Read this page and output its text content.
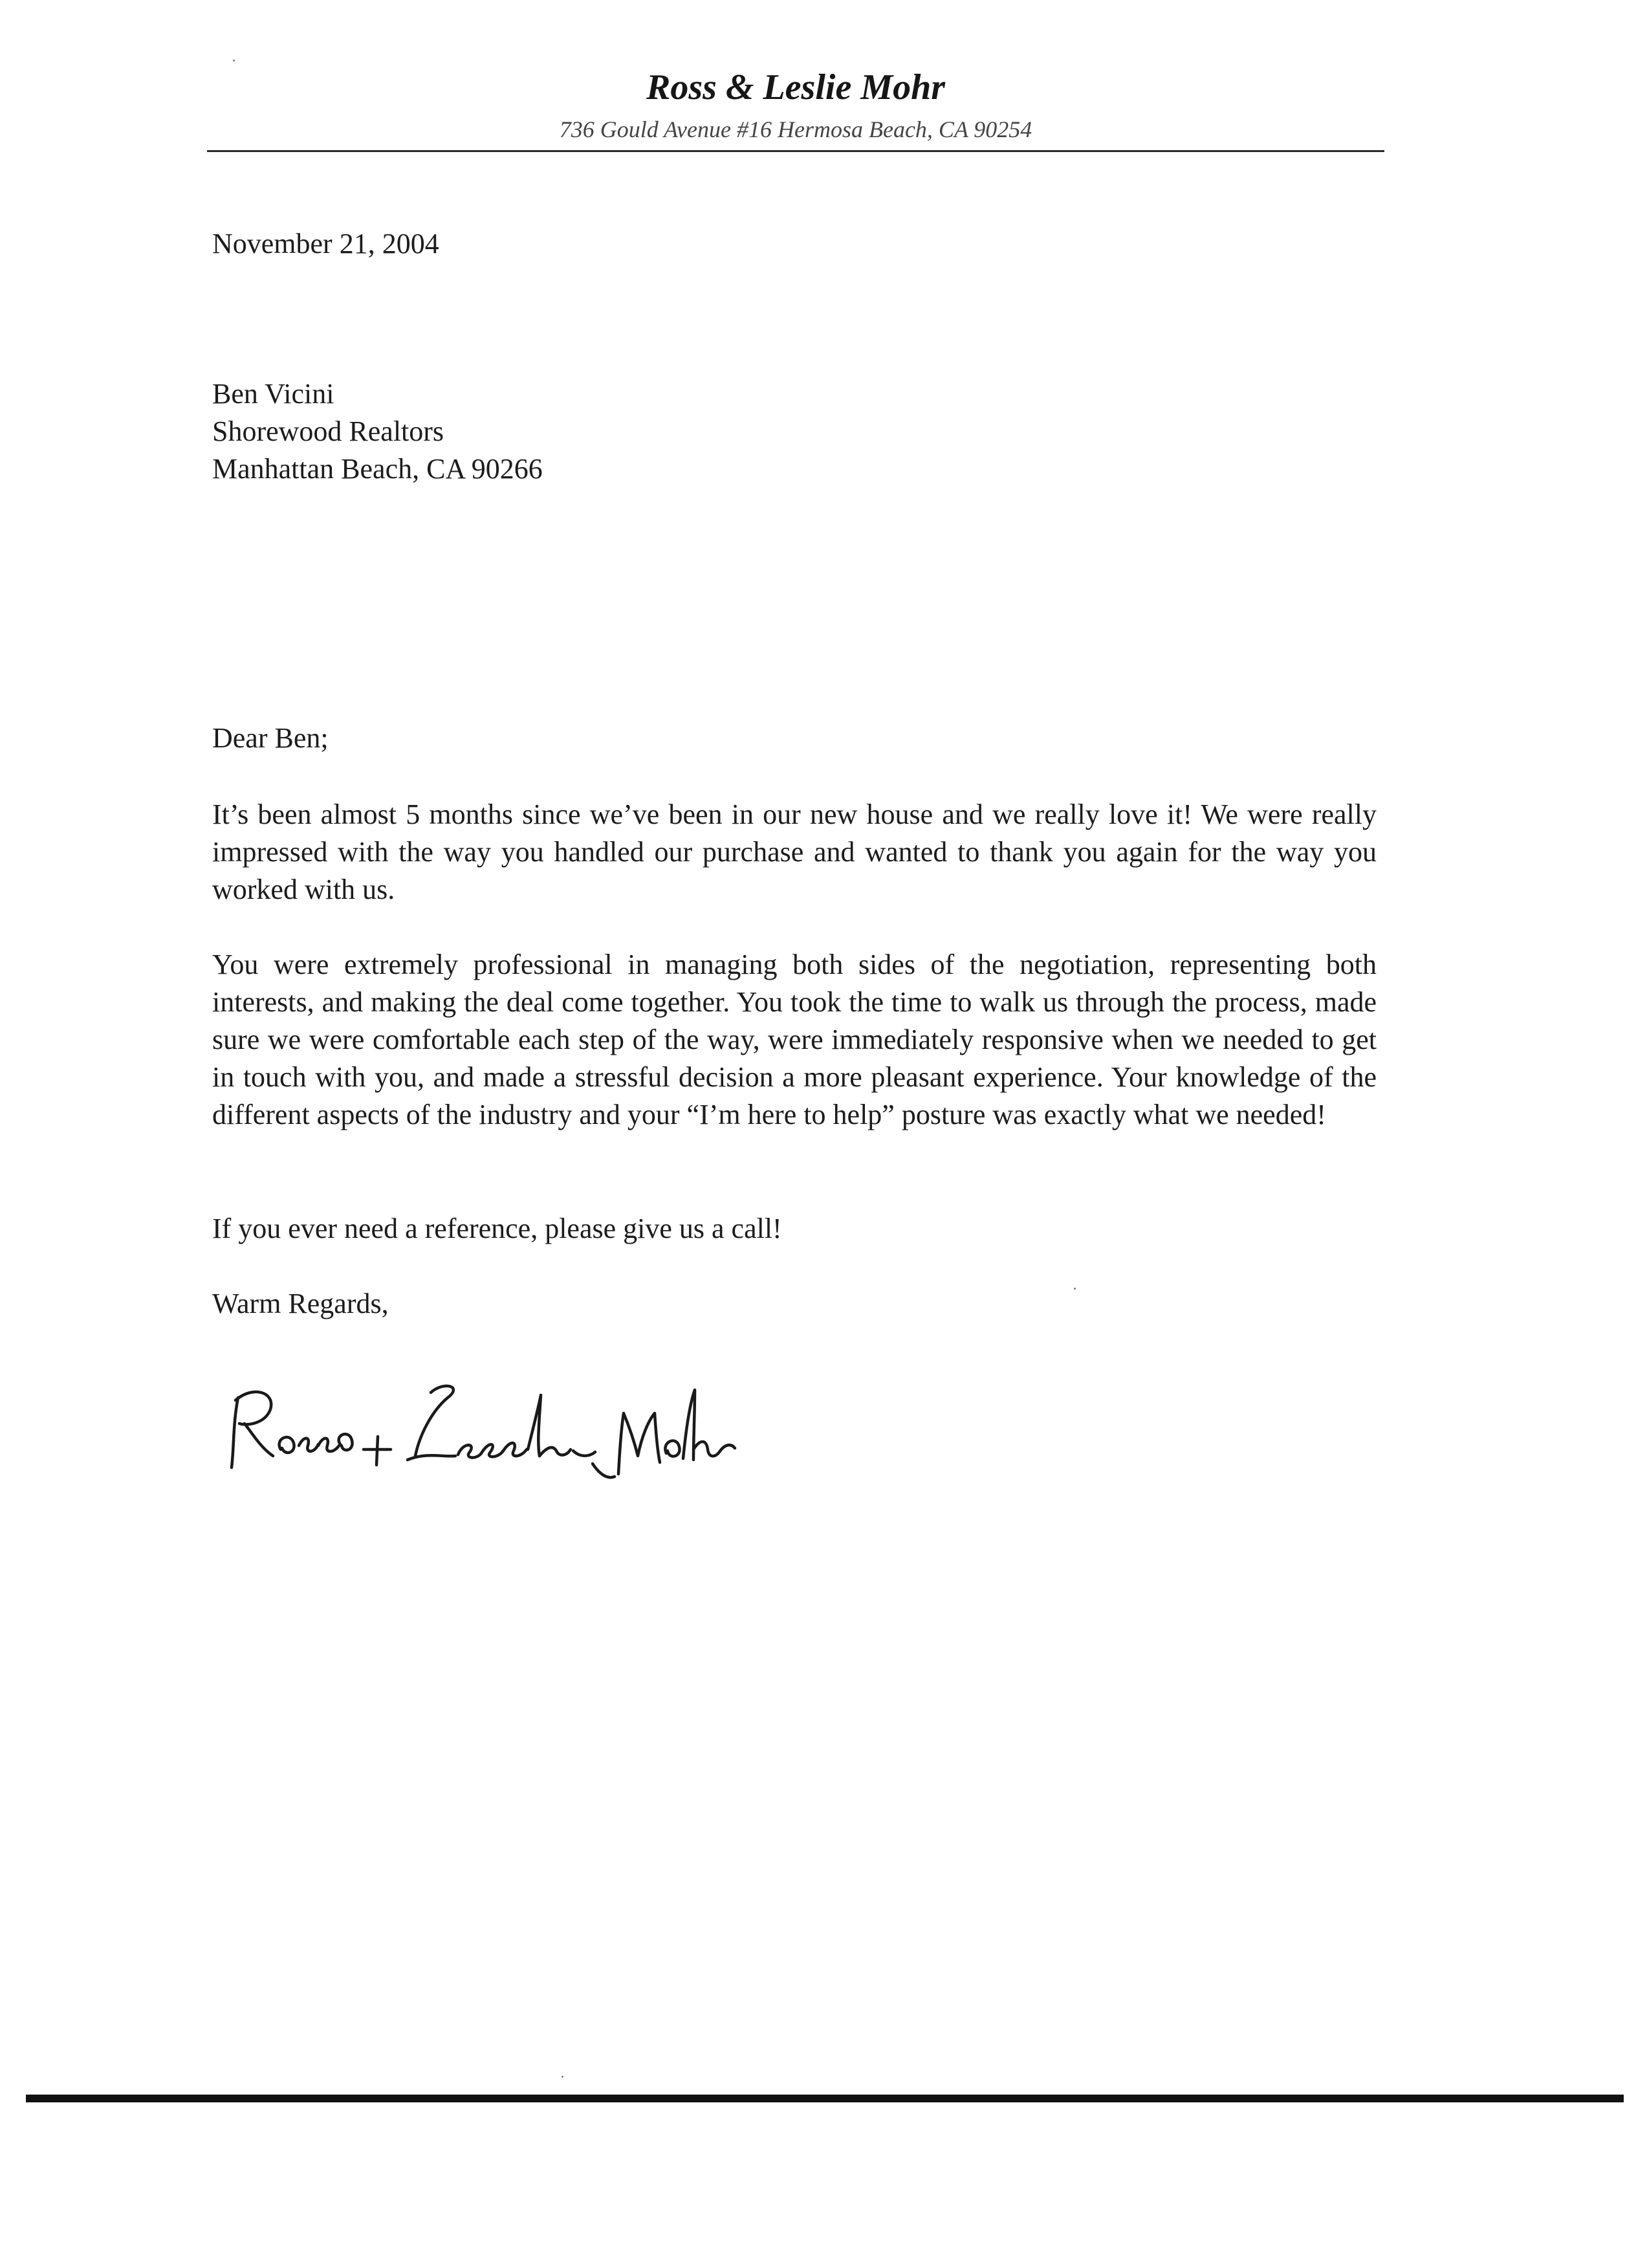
Ross & Leslie Mohr
736 Gould Avenue #16 Hermosa Beach, CA 90254
November 21, 2004
Ben Vicini
Shorewood Realtors
Manhattan Beach, CA 90266
Dear Ben;
It’s been almost 5 months since we’ve been in our new house and we really love it! We were really impressed with the way you handled our purchase and wanted to thank you again for the way you worked with us.
You were extremely professional in managing both sides of the negotiation, representing both interests, and making the deal come together. You took the time to walk us through the process, made sure we were comfortable each step of the way, were immediately responsive when we needed to get in touch with you, and made a stressful decision a more pleasant experience. Your knowledge of the different aspects of the industry and your “I’m here to help” posture was exactly what we needed!
If you ever need a reference, please give us a call!
Warm Regards,
